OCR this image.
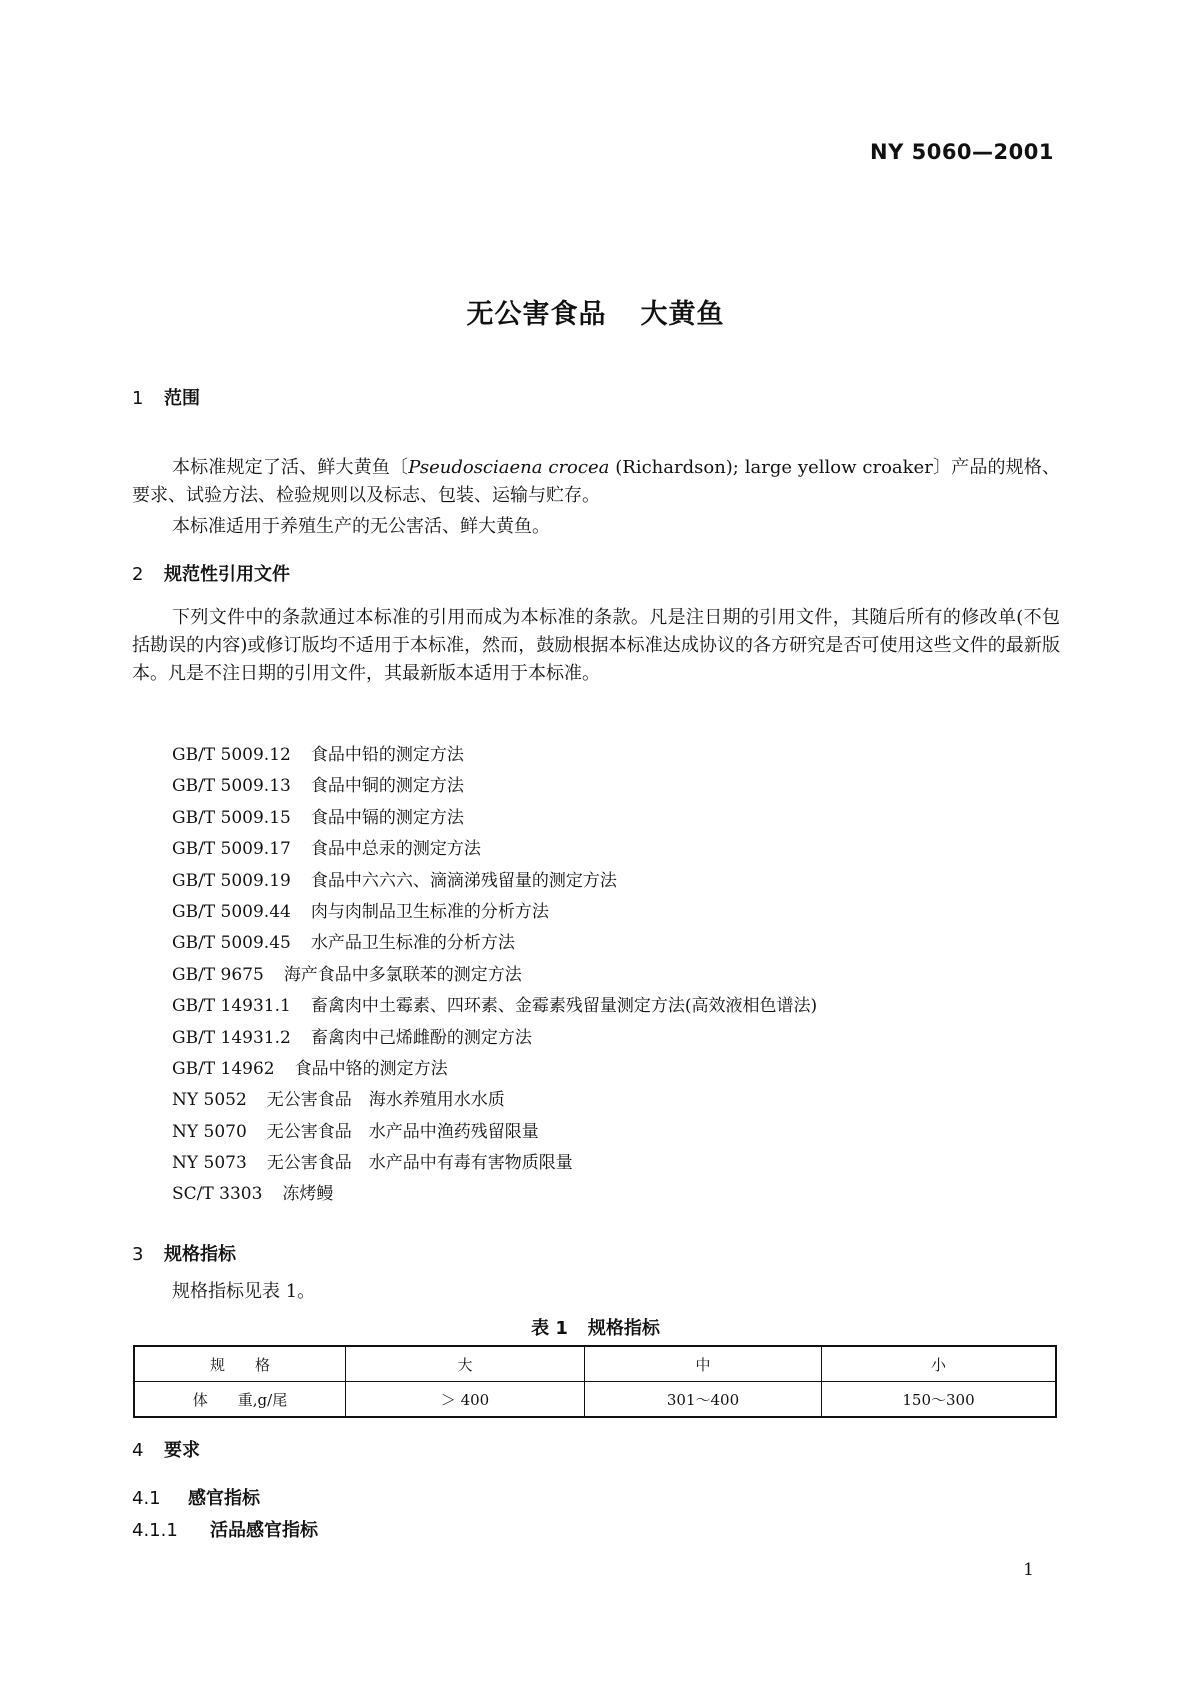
NY 5060—2001
无公害食品 大黄鱼
1 范围
本标准规定了活、鲜大黄鱼〔Pseudosciaena crocea (Richardson); large yellow croaker〕产品的规格、要求、试验方法、检验规则以及标志、包装、运输与贮存。
本标准适用于养殖生产的无公害活、鲜大黄鱼。
2 规范性引用文件
下列文件中的条款通过本标准的引用而成为本标准的条款。凡是注日期的引用文件，其随后所有的修改单(不包括勘误的内容)或修订版均不适用于本标准，然而，鼓励根据本标准达成协议的各方研究是否可使用这些文件的最新版本。凡是不注日期的引用文件，其最新版本适用于本标准。
GB/T 5009.12 食品中铅的测定方法
GB/T 5009.13 食品中铜的测定方法
GB/T 5009.15 食品中镉的测定方法
GB/T 5009.17 食品中总汞的测定方法
GB/T 5009.19 食品中六六六、滴滴涕残留量的测定方法
GB/T 5009.44 肉与肉制品卫生标准的分析方法
GB/T 5009.45 水产品卫生标准的分析方法
GB/T 9675 海产食品中多氯联苯的测定方法
GB/T 14931.1 畜禽肉中土霉素、四环素、金霉素残留量测定方法(高效液相色谱法)
GB/T 14931.2 畜禽肉中己烯雌酚的测定方法
GB/T 14962 食品中铬的测定方法
NY 5052 无公害食品　海水养殖用水水质
NY 5070 无公害食品　水产品中渔药残留限量
NY 5073 无公害食品　水产品中有毒有害物质限量
SC/T 3303 冻烤鳗
3 规格指标
规格指标见表 1。
表 1 规格指标
规　　格	大	中	小
体　　重,g/尾	＞ 400	301～400	150～300
4 要求
4.1 感官指标
4.1.1 活品感官指标
1
